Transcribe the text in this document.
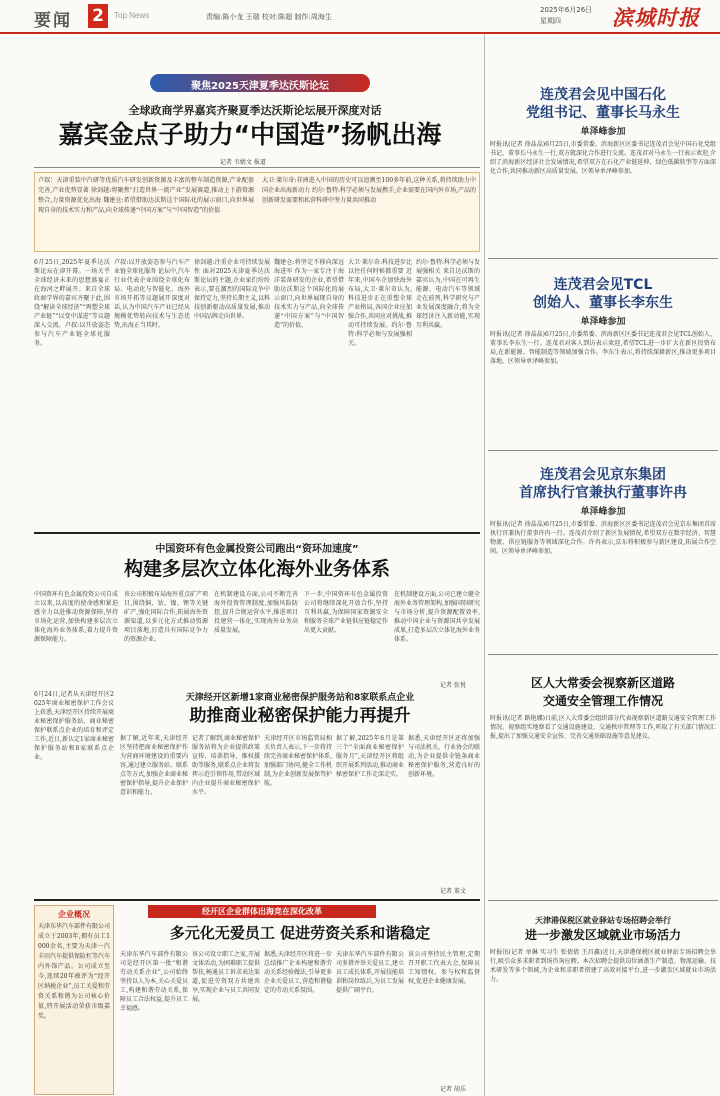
要闻 2	Top News	责编:陈小龙 王瑞 校对:陈超 制作:周海生
2025年6月26日
星期四	滨城时报
聚焦2025天津夏季达沃斯论坛
全球政商学界嘉宾齐聚夏季达沃斯论坛展开深度对话
嘉宾金点子助力“中国造”扬帆出海
记者 韦婧文 报道
卢叔：天津重装中汽研等优质汽车研发创新资源及丰富的整车制造资源,产业配套完善,产业优势显著 徐剑越:将聚焦“打造世界一流产业”发展赛道,推动上下游资源整合,力量资源优化出海 魏建仓:希望借助达沃斯这个国际化的展示窗口,向世界展现自身的技术实力和产品,向全球传递“中国方案”与“中国智造”的价值
大卫·莱尔奇:非洲进入中国的历史可以追溯至100多年前,这种关系,将持续助力中国企业出海新动力 约尔·鲁特:科学必须与发展携手,企业需要在国内外市场,产品的创新研发需要和私营科研中坚力量共同推动
6月25日,2025年夏季达沃斯论坛在津开幕。一场关乎全球经济未来的思想盛宴正在海河之畔展开。来自全球政商学界的嘉宾齐聚于此,围绕“解读全球经济”“再塑全球产业链”“以变中谋进”等议题深入交流。卢叔:以开放姿态参与汽车产业链全球化服务。
卢叔:以开放姿态参与汽车产业链全球化服务 论坛中,汽车行业代表企业围绕全球化布局、电动化与智能化、海外市场开拓等议题展开深度对话,认为中国汽车产业已经从规模优势转向技术与生态优势,出海正当其时。
徐剑越:注重企业可持续发展性 面对2025天津夏季达沃斯论坛的主题,企业家们纷纷表示,要在激烈的国际竞争中保持定力,坚持长期主义,以科技创新驱动高质量发展,推动中国品牌走向世界。
魏建仓:将坚定不移向深远海进军 作为一家专注于海洋装备研发的企业,希望借助达沃斯这个国际化的展示窗口,向世界展现自身的技术实力与产品,向全球传递“中国方案”与“中国智造”的价值。
大卫·莱尔奇:科技进步比以往任何时候都重要 近年来,中国车企加快海外布局,大卫·莱尔奇认为,科技进步正在重塑全球产业格局,各国企业应加强合作,共同应对挑战,推动可持续发展。约尔·鲁特:科学必须与发展强相关。
约尔·鲁特:科学必须与发展强相关 来自达沃斯的嘉宾认为,中国在可再生能源、电动汽车等领域走在前列,科学研究与产业发展深度融合,将为全球经济注入新动能,实现互利共赢。
中国资环有色金属投资公司跑出“资环加速度”
构建多层次立体化海外业务体系
中国资环有色金属投资公司自成立以来,以高度的使命感和紧迫感全力以赴推动资源保障,坚持市场化运营,加快构建多层次立体化海外业务体系,着力提升资源保障能力。
该公司积极布局海外重点矿产项目,围绕铜、钴、镍、锂等关键矿产,强化国际合作,拓展海外资源渠道,以多元化方式推动资源项目落地,打造具有国际竞争力的资源企业。
在机制建设方面,公司不断完善海外投资管理制度,加强风险防控,提升合规运营水平,推进项目投建营一体化,实现海外业务高质量发展。
下一步,中国资环有色金属投资公司将继续深化开放合作,坚持互利共赢,为保障国家资源安全和服务全球产业链供应链稳定作出更大贡献。
在机制建设方面,公司已建立健全海外业务管理架构,加强国别研究与市场分析,提升资源配置效率,推动中国企业与资源国共享发展成果,打造多层次立体化海外业务体系。
记者 张悦
6月24日,记者从天津经开区2025年商业秘密保护工作会议上获悉,天津经开区持续开展商业秘密保护服务站、商业秘密保护联系点企业的培育和评定工作,近日,新认定1家商业秘密保护服务站和8家联系点企业。
天津经开区新增1家商业秘密保护服务站和8家联系点企业
助推商业秘密保护能力再提升
据了解,近年来,天津经开区坚持把商业秘密保护作为营商环境建设的重要内容,通过建立服务站、联系点等方式,加强企业商业秘密保护指导,提升企业保护意识和能力。
记者了解到,商业秘密保护服务站将为企业提供政策宣传、培训指导、维权援助等服务,联系点企业将发挥示范引领作用,带动区域内企业提升商业秘密保护水平。
天津经开区市场监管局相关负责人表示,下一步将持续完善商业秘密保护体系,加强部门协同,健全工作机制,为企业创新发展保驾护航。
据了解,2025年6月是第三个“全面商业秘密保护服务月”,天津经开区将组织开展系列活动,推动商业秘密保护工作走深走实。
据悉,天津经开区还将加强与司法机关、行业协会的联动,为企业提供全链条商业秘密保护服务,营造良好的创新环境。
记者 董文
经开区企业群体出海竞在深化改革
多元化无爱员工 促进劳资关系和谐稳定
企业概况
天津东华汽车部件有限公司成立于2003年,拥有员工1000余名,主要为天津一汽丰田汽车提供保险杠等汽车内外饰产品。公司成立至今,连续20年被评为“经开区纳税企业”,员工关爱和劳资关系和谐为公司核心价值,特开展活动荣获市级嘉奖。
天津东华汽车部件有限公司是经开区第一批“和谐劳动关系企业”,公司始终坚持以人为本,关心关爱员工,构建和谐劳动关系,保障员工合法权益,提升员工幸福感。
该公司设立职工之家,开展文体活动,为困难职工提供帮扶,畅通员工诉求表达渠道,促进劳资双方共建共享,实现企业与员工共同发展。
据悉,天津经开区将进一步总结推广企业构建和谐劳动关系经验做法,引导更多企业关爱员工,营造和谐稳定的劳动关系氛围。
天津东华汽车部件有限公司多措并举关爱员工,建立员工成长体系,开展技能培训和岗位练兵,为员工发展提供广阔平台。
该公司坚持民主管理,定期召开职工代表大会,保障员工知情权、参与权和监督权,促进企业健康发展。
记者 胡乐
连茂君会见中国石化
党组书记、董事长马永生
单泽峰参加
时报讯(记者 徐晶晶)6月25日,市委常委、滨海新区区委书记连茂君会见中国石化党组书记、董事长马永生一行,双方就深化合作进行交流。连茂君对马永生一行表示欢迎,介绍了滨海新区经济社会发展情况,希望双方在石化产业链延伸、绿色低碳转型等方面深化合作,共同推动新区高质量发展。区领导单泽峰参加。
连茂君会见TCL
创始人、董事长李东生
单泽峰参加
时报讯(记者 徐晶晶)6月25日,市委常委、滨海新区区委书记连茂君会见TCL创始人、董事长李东生一行。连茂君对客人到访表示欢迎,希望TCL进一步扩大在新区投资布局,在新能源、智能制造等领域加强合作。李东生表示,将持续深耕新区,推动更多项目落地。区领导单泽峰参加。
连茂君会见京东集团
首席执行官兼执行董事许冉
单泽峰参加
时报讯(记者 徐晶晶)6月25日,市委常委、滨海新区区委书记连茂君会见京东集团首席执行官兼执行董事许冉一行。连茂君介绍了新区发展情况,希望双方在数字经济、智慧物流、供应链服务等领域深化合作。许冉表示,京东将积极参与新区建设,拓展合作空间。区领导单泽峰参加。
区人大常委会视察新区道路
交通安全管理工作情况
时报讯(记者 路艳娜)日前,区人大常委会组织部分代表视察新区道路交通安全管理工作情况。视察组实地察看了交通设施建设、交通秩序管理等工作,听取了有关部门情况汇报,提出了加强交通安全宣传、完善交通基础设施等意见建议。
天津港保税区就业驿站专场招聘会举行
进一步激发区域就业市场活力
时报讯(记者 单琳 实习生 张倩倩 王昌鑫)近日,天津港保税区就业驿站专场招聘会举行,吸引众多求职者到场咨询应聘。本次招聘会提供岗位涵盖生产制造、物流运输、技术研发等多个领域,为企业和求职者搭建了高效对接平台,进一步激发区域就业市场活力。
